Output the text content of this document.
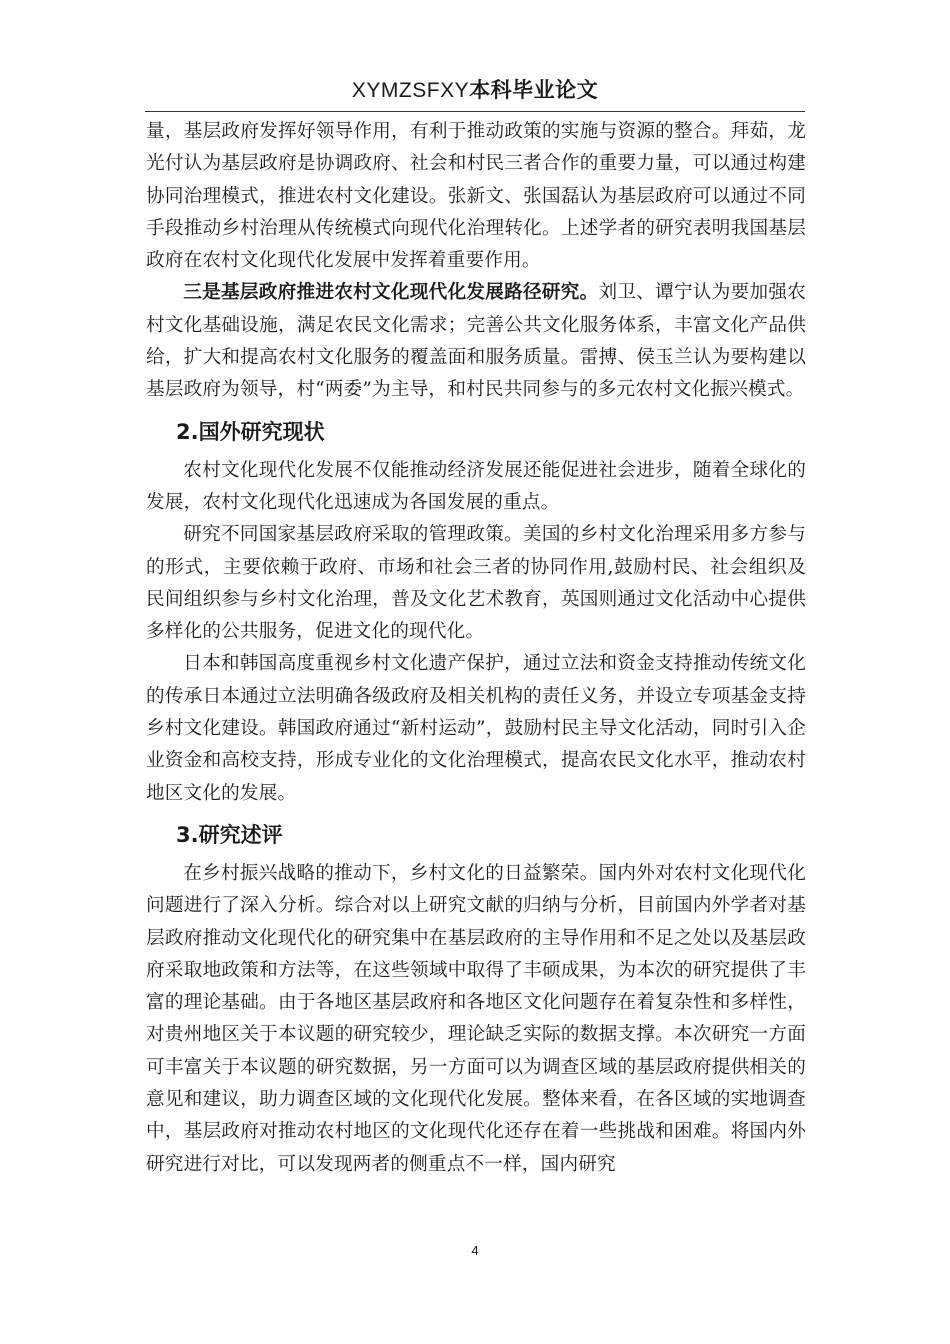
XYMZSFXY本科毕业论文

量，基层政府发挥好领导作用，有利于推动政策的实施与资源的整合。拜茹，龙光付认为基层政府是协调政府、社会和村民三者合作的重要力量，可以通过构建协同治理模式，推进农村文化建设。张新文、张国磊认为基层政府可以通过不同手段推动乡村治理从传统模式向现代化治理转化。上述学者的研究表明我国基层政府在农村文化现代化发展中发挥着重要作用。

三是基层政府推进农村文化现代化发展路径研究。刘卫、谭宁认为要加强农村文化基础设施，满足农民文化需求；完善公共文化服务体系，丰富文化产品供给，扩大和提高农村文化服务的覆盖面和服务质量。雷搏、侯玉兰认为要构建以基层政府为领导，村“两委”为主导，和村民共同参与的多元农村文化振兴模式。

2.国外研究现状

农村文化现代化发展不仅能推动经济发展还能促进社会进步，随着全球化的发展，农村文化现代化迅速成为各国发展的重点。

研究不同国家基层政府采取的管理政策。美国的乡村文化治理采用多方参与的形式，主要依赖于政府、市场和社会三者的协同作用,鼓励村民、社会组织及民间组织参与乡村文化治理，普及文化艺术教育，英国则通过文化活动中心提供多样化的公共服务，促进文化的现代化。

日本和韩国高度重视乡村文化遗产保护，通过立法和资金支持推动传统文化的传承日本通过立法明确各级政府及相关机构的责任义务，并设立专项基金支持乡村文化建设。韩国政府通过“新村运动”，鼓励村民主导文化活动，同时引入企业资金和高校支持，形成专业化的文化治理模式，提高农民文化水平，推动农村地区文化的发展。

3.研究述评

在乡村振兴战略的推动下，乡村文化的日益繁荣。国内外对农村文化现代化问题进行了深入分析。综合对以上研究文献的归纳与分析，目前国内外学者对基层政府推动文化现代化的研究集中在基层政府的主导作用和不足之处以及基层政府采取地政策和方法等，在这些领域中取得了丰硕成果，为本次的研究提供了丰富的理论基础。由于各地区基层政府和各地区文化问题存在着复杂性和多样性，对贵州地区关于本议题的研究较少，理论缺乏实际的数据支撑。本次研究一方面可丰富关于本议题的研究数据，另一方面可以为调查区域的基层政府提供相关的意见和建议，助力调查区域的文化现代化发展。整体来看，在各区域的实地调查中，基层政府对推动农村地区的文化现代化还存在着一些挑战和困难。将国内外研究进行对比，可以发现两者的侧重点不一样，国内研究

4
